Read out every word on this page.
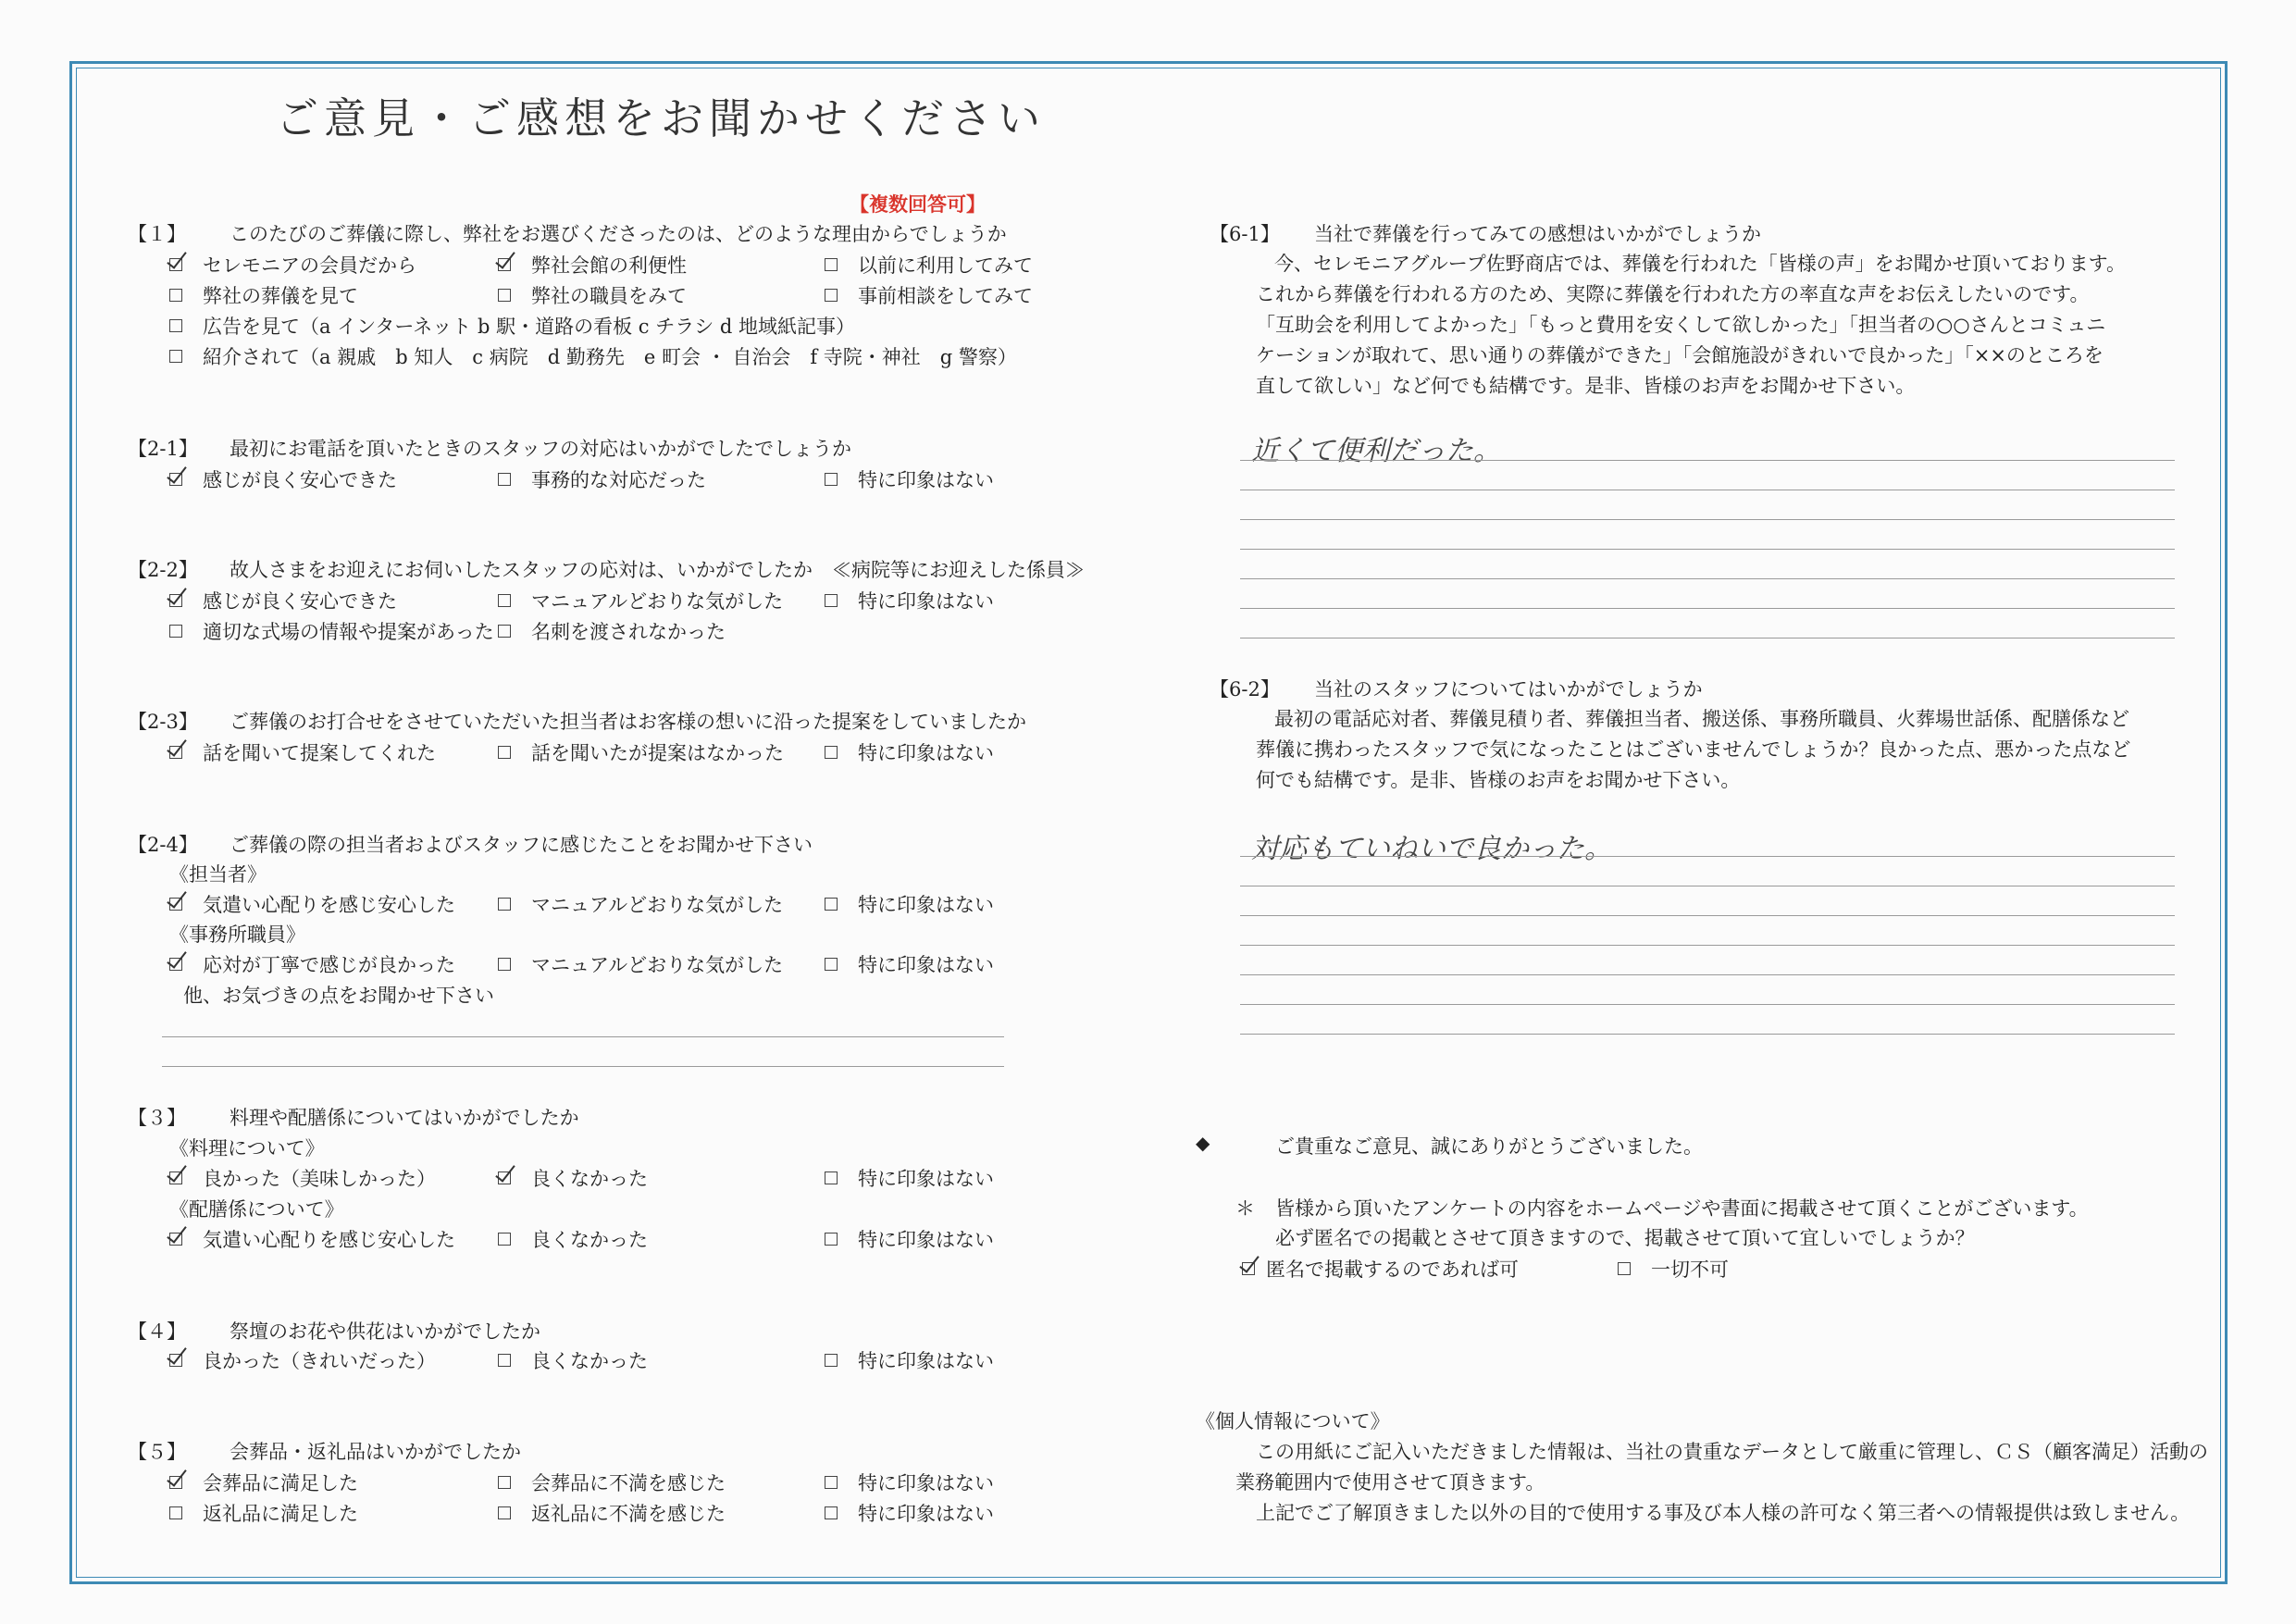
ご意見・ご感想をお聞かせください
【複数回答可】
【１】 このたびのご葬儀に際し、弊社をお選びくださったのは、どのような理由からでしょうか
セレモニアの会員だから	弊社会館の利便性	以前に利用してみて
弊社の葬儀を見て	弊社の職員をみて	事前相談をしてみて
広告を見て（a インターネット b 駅・道路の看板 c チラシ d 地域紙記事）
紹介されて（a 親戚　b 知人　c 病院　d 勤務先　e 町会 ・ 自治会　f 寺院・神社　g 警察）
【2-1】 最初にお電話を頂いたときのスタッフの対応はいかがでしたでしょうか
感じが良く安心できた	事務的な対応だった	特に印象はない
【2-2】 故人さまをお迎えにお伺いしたスタッフの応対は、いかがでしたか　≪病院等にお迎えした係員≫
感じが良く安心できた	マニュアルどおりな気がした	特に印象はない
適切な式場の情報や提案があった 名刺を渡されなかった
【2-3】 ご葬儀のお打合せをさせていただいた担当者はお客様の想いに沿った提案をしていましたか
話を聞いて提案してくれた	話を聞いたが提案はなかった	特に印象はない
【2-4】 ご葬儀の際の担当者およびスタッフに感じたことをお聞かせ下さい
《担当者》
気遣い心配りを感じ安心した	マニュアルどおりな気がした	特に印象はない
《事務所職員》
応対が丁寧で感じが良かった	マニュアルどおりな気がした	特に印象はない
他、お気づきの点をお聞かせ下さい
【３】 料理や配膳係についてはいかがでしたか
《料理について》
良かった（美味しかった）	良くなかった	特に印象はない
《配膳係について》
気遣い心配りを感じ安心した	良くなかった	特に印象はない
【４】 祭壇のお花や供花はいかがでしたか
良かった（きれいだった）	良くなかった	特に印象はない
【５】 会葬品・返礼品はいかがでしたか
会葬品に満足した	会葬品に不満を感じた	特に印象はない
返礼品に満足した	返礼品に不満を感じた	特に印象はない
【6-1】 当社で葬儀を行ってみての感想はいかがでしょうか
今、セレモニアグループ佐野商店では、葬儀を行われた「皆様の声」をお聞かせ頂いております。
これから葬儀を行われる方のため、実際に葬儀を行われた方の率直な声をお伝えしたいのです。
「互助会を利用してよかった」「もっと費用を安くして欲しかった」「担当者の○○さんとコミュニ
ケーションが取れて、思い通りの葬儀ができた」「会館施設がきれいで良かった」「××のところを
直して欲しい」など何でも結構です。是非、皆様のお声をお聞かせ下さい。
近くて便利だった。
【6-2】 当社のスタッフについてはいかがでしょうか
最初の電話応対者、葬儀見積り者、葬儀担当者、搬送係、事務所職員、火葬場世話係、配膳係など
葬儀に携わったスタッフで気になったことはございませんでしょうか？良かった点、悪かった点など
何でも結構です。是非、皆様のお声をお聞かせ下さい。
対応もていねいで良かった。
◆	ご貴重なご意見、誠にありがとうございました。
＊ 皆様から頂いたアンケートの内容をホームページや書面に掲載させて頂くことがございます。
必ず匿名での掲載とさせて頂きますので、掲載させて頂いて宜しいでしょうか？
匿名で掲載するのであれば可	一切不可
《個人情報について》
この用紙にご記入いただきました情報は、当社の貴重なデータとして厳重に管理し、ＣＳ（顧客満足）活動の
業務範囲内で使用させて頂きます。
上記でご了解頂きました以外の目的で使用する事及び本人様の許可なく第三者への情報提供は致しません。
